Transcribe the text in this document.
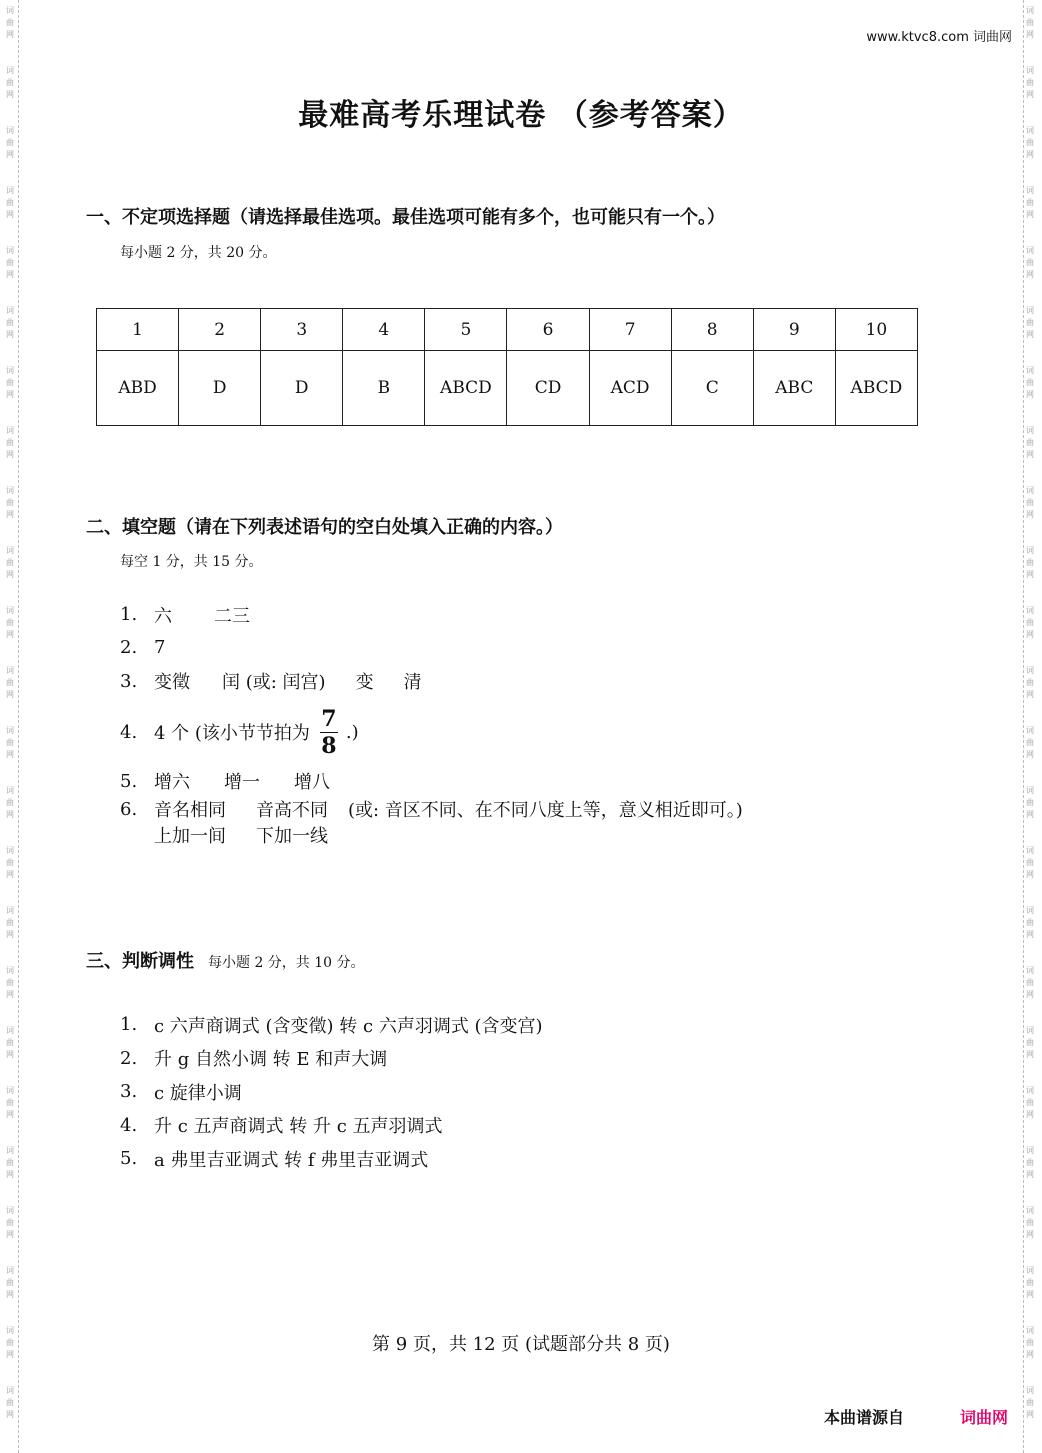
词
曲
网
词
曲
网
词
曲
网
词
曲
网
词
曲
网
词
曲
网
词
曲
网
词
曲
网
词
曲
网
词
曲
网
词
曲
网
词
曲
网
词
曲
网
词
曲
网
词
曲
网
词
曲
网
词
曲
网
词
曲
网
词
曲
网
词
曲
网
词
曲
网
词
曲
网
词
曲
网
词
曲
网
词
曲
网
词
曲
网
词
曲
网
词
曲
网
词
曲
网
词
曲
网
词
曲
网
词
曲
网
词
曲
网
词
曲
网
词
曲
网
词
曲
网
词
曲
网
词
曲
网
词
曲
网
词
曲
网
词
曲
网
词
曲
网
词
曲
网
词
曲
网
词
曲
网
词
曲
网
词
曲
网
词
曲
网
www.ktvc8.com 词曲网
最难高考乐理试卷 （参考答案）
一、不定项选择题（请选择最佳选项。最佳选项可能有多个，也可能只有一个。）
每小题 2 分，共 20 分。
1	2	3	4	5	6	7	8	9	10
ABD	D	D	B	ABCD	CD	ACD	C	ABC	ABCD
二、填空题（请在下列表述语句的空白处填入正确的内容。）
每空 1 分，共 15 分。
1. 六 二三
2. 7
3. 变徵 闰 (或: 闰宫) 变 清
4. 4 个 (该小节节拍为 $\frac{7}{8}$ .)
5. 增六 增一 增八
6. 音名相同 音高不同 (或: 音区不同、在不同八度上等，意义相近即可。)
上加一间 下加一线
三、判断调性 每小题 2 分，共 10 分。
1. c 六声商调式 (含变徵) 转 c 六声羽调式 (含变宫)
2. 升 g 自然小调 转 E 和声大调
3. c 旋律小调
4. 升 c 五声商调式 转 升 c 五声羽调式
5. a 弗里吉亚调式 转 f 弗里吉亚调式
第 9 页，共 12 页 (试题部分共 8 页)
本曲谱源自	词曲网
